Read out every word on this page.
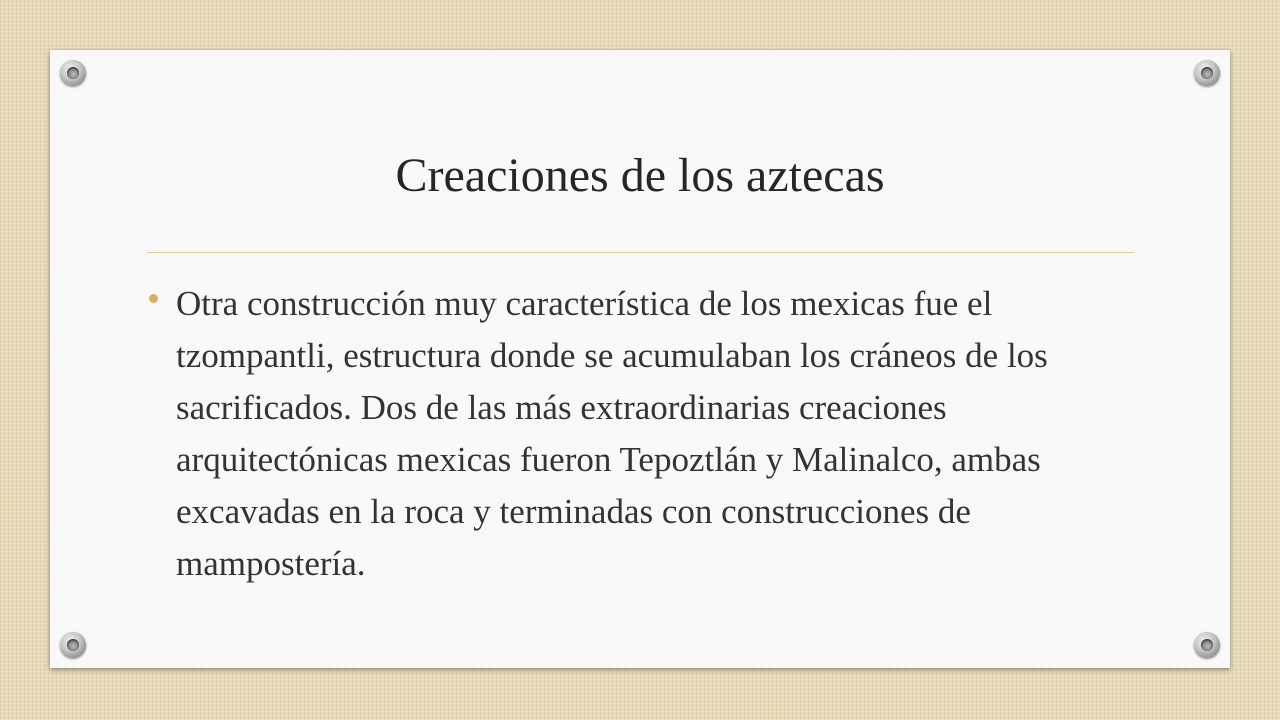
Creaciones de los aztecas
Otra construcción muy característica de los mexicas fue el tzompantli, estructura donde se acumulaban los cráneos de los sacrificados. Dos de las más extraordinarias creaciones arquitectónicas mexicas fueron Tepoztlán y Malinalco, ambas excavadas en la roca y terminadas con construcciones de mampostería.
